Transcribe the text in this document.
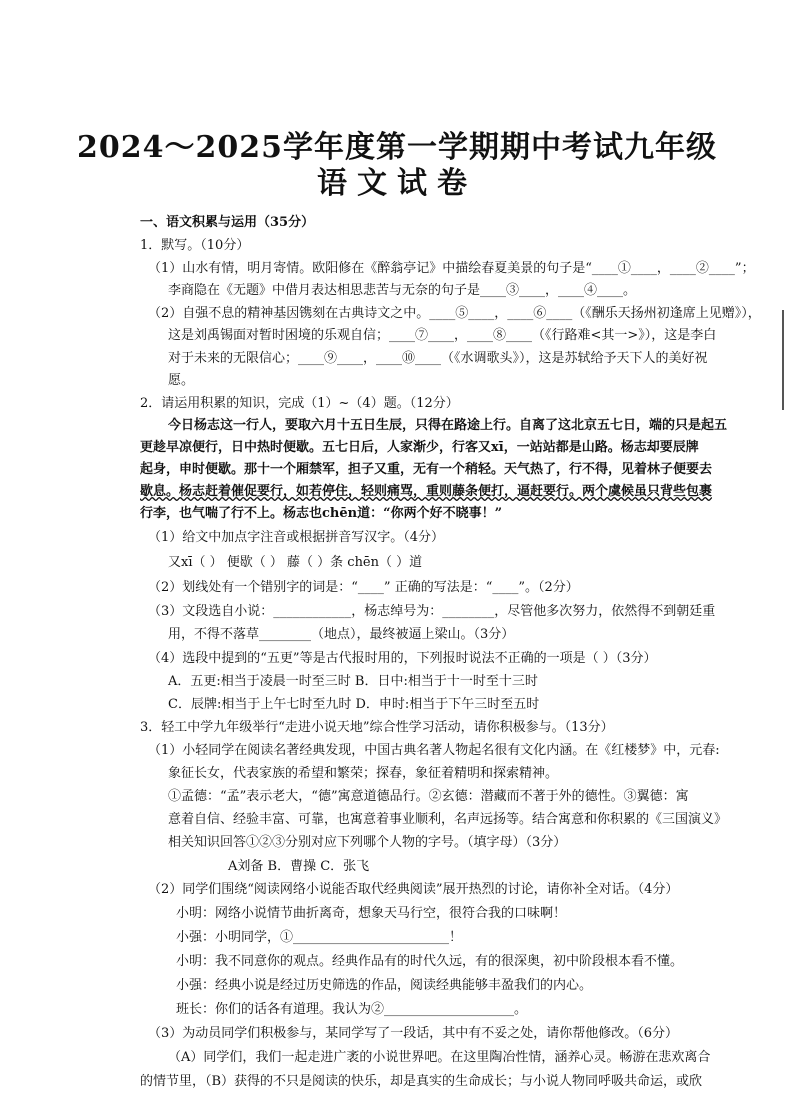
2024～2025学年度第一学期期中考试九年级
语文试卷
一、语文积累与运用（35分）
1．默写。（10分）
（1）山水有情，明月寄情。欧阳修在《醉翁亭记》中描绘春夏美景的句子是“____①____，____②____”；
李商隐在《无题》中借月表达相思悲苦与无奈的句子是____③____，____④____。
（2）自强不息的精神基因镌刻在古典诗文之中。____⑤____，____⑥____（《酬乐天扬州初逢席上见赠》），
这是刘禹锡面对暂时困境的乐观自信；____⑦____，____⑧____（《行路难<其一>》），这是李白
对于未来的无限信心；____⑨____，____⑩____（《水调歌头》），这是苏轼给予天下人的美好祝
愿。
2．请运用积累的知识，完成（1）~（4）题。（12分）
今日杨志这一行人，要取六月十五日生辰，只得在路途上行。自离了这北京五七日，端的只是起五
更趁早凉便行，日中热时便歇。五七日后，人家渐少，行客又xī，一站站都是山路。杨志却要辰牌
起身，申时便歇。那十一个厢禁军，担子又重，无有一个稍轻。天气热了，行不得，见着林子便要去
歇息。杨志赶着催促要行，如若停住，轻则痛骂，重则藤条便打，逼赶要行。两个虞候虽只背些包裹
行李，也气喘了行不上。杨志也chēn道：“你两个好不晓事！”
（1）给文中加点字注音或根据拼音写汉字。（4分）
又xī（ ） 便歇（ ） 藤（ ）条 chēn（ ）道
（2）划线处有一个错别字的词是：“____” 正确的写法是：“____”。（2分）
（3）文段选自小说：____________，杨志绰号为：________，尽管他多次努力，依然得不到朝廷重
用，不得不落草________（地点），最终被逼上梁山。（3分）
（4）选段中提到的“五更”等是古代报时用的，下列报时说法不正确的一项是（ ）（3分）
A．五更:相当于凌晨一时至三时 B．日中:相当于十一时至十三时
C．辰牌:相当于上午七时至九时 D．申时:相当于下午三时至五时
3．轻工中学九年级举行“走进小说天地”综合性学习活动，请你积极参与。（13分）
（1）小轻同学在阅读名著经典发现，中国古典名著人物起名很有文化内涵。在《红楼梦》中，元春:
象征长女，代表家族的希望和繁荣；探春，象征着精明和探索精神。
①孟德：“孟”表示老大，“德”寓意道德品行。②玄德：潜藏而不著于外的德性。③翼德：寓
意着自信、经验丰富、可靠，也寓意着事业顺利，名声远扬等。结合寓意和你积累的《三国演义》
相关知识回答①②③分别对应下列哪个人物的字号。（填字母）（3分）
A刘备 B．曹操 C．张飞
（2）同学们围绕“阅读网络小说能否取代经典阅读”展开热烈的讨论，请你补全对话。（4分）
小明：网络小说情节曲折离奇，想象天马行空，很符合我的口味啊！
小强：小明同学，①________________________！
小明：我不同意你的观点。经典作品有的时代久远，有的很深奥，初中阶段根本看不懂。
小强：经典小说是经过历史筛选的作品，阅读经典能够丰盈我们的内心。
班长：你们的话各有道理。我认为②____________________。
（3）为动员同学们积极参与，某同学写了一段话，其中有不妥之处，请你帮他修改。（6分）
（A）同学们，我们一起走进广袤的小说世界吧。在这里陶冶性情，涵养心灵。畅游在悲欢离合
的情节里，（B）获得的不只是阅读的快乐，却是真实的生命成长；与小说人物同呼吸共命运，或欣
